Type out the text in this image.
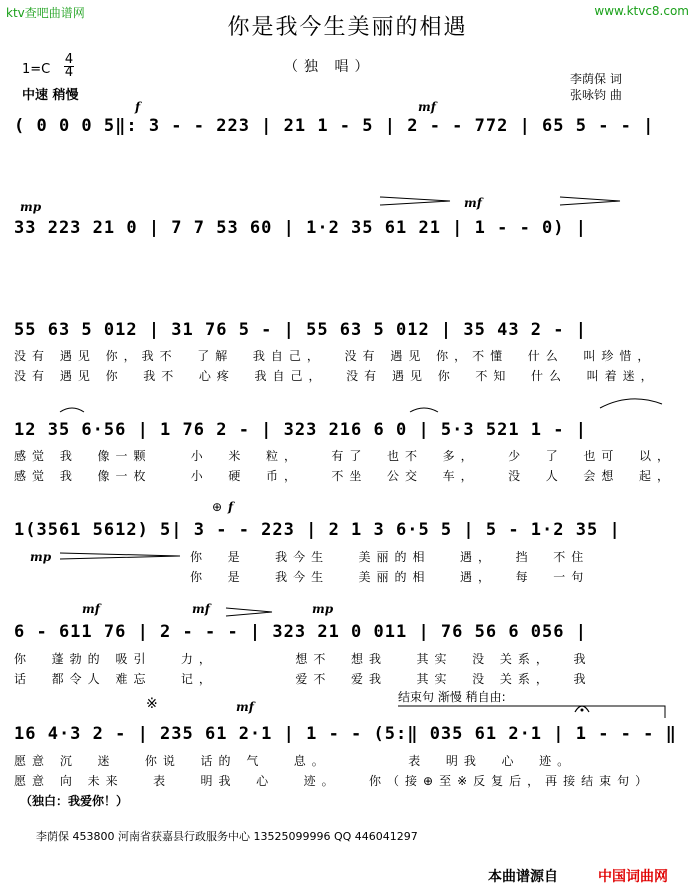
ktv查吧曲谱网	www.ktvc8.com
你是我今生美丽的相遇
1=C
4
4
中速 稍慢
（独 唱）
李荫保 词
张咏钧 曲
f	mf
( 0 0 0 5‖: 3 - - 223 | 21 1 - 5 | 2 - - 772 | 65 5 - - |
mp	mf
33 223 21 0 | 7 7 53 60 | 1·2 35 61 21 | 1 - - 0) |
55 63 5 012 | 31 76 5 - | 55 63 5 012 | 35 43 2 - |
没有 遇见 你，我不  了解  我自己，  没有 遇见 你，不懂  什么  叫珍惜，
没有 遇见 你  我不  心疼  我自己，  没有 遇见 你  不知  什么  叫着迷，
12 35 6·56 | 1 76 2 - | 323 216 6 0 | 5·3 521 1 - |
感觉 我  像一颗    小  米  粒，   有了  也不  多，   少  了  也可  以，
感觉 我  像一枚    小  硬  币，   不坐  公交  车，   没  人  会想  起，
⊕ f
1(3561 5612) 5| 3 - - 223 | 2 1 3 6·5 5 | 5 - 1·2 35 |
mp	你  是   我今生   美丽的相   遇，  挡  不住
你  是   我今生   美丽的相   遇，  每  一句
mf	mf	mp
6 - 611 76 | 2 - - - | 323 21 0 011 | 76 56 6 056 |
你  蓬勃的 吸引   力，        想不  想我   其实  没 关系，  我
话  都令人 难忘   记，        爱不  爱我   其实  没 关系，  我
※	mf
结束句 渐慢 稍自由:
16 4·3 2 - | 235 61 2·1 | 1 - - (5:‖ 035 61 2·1 | 1 - - - ‖
愿意 沉  迷   你说  话的 气   息。        表  明我  心  迹。
愿意 向 未来   表   明我  心   迹。   你（接⊕至※反复后，再接结束句）
（独白：我爱你！）
李荫保 453800 河南省获嘉县行政服务中心 13525099996 QQ 446041297
本曲谱源自	中国词曲网
